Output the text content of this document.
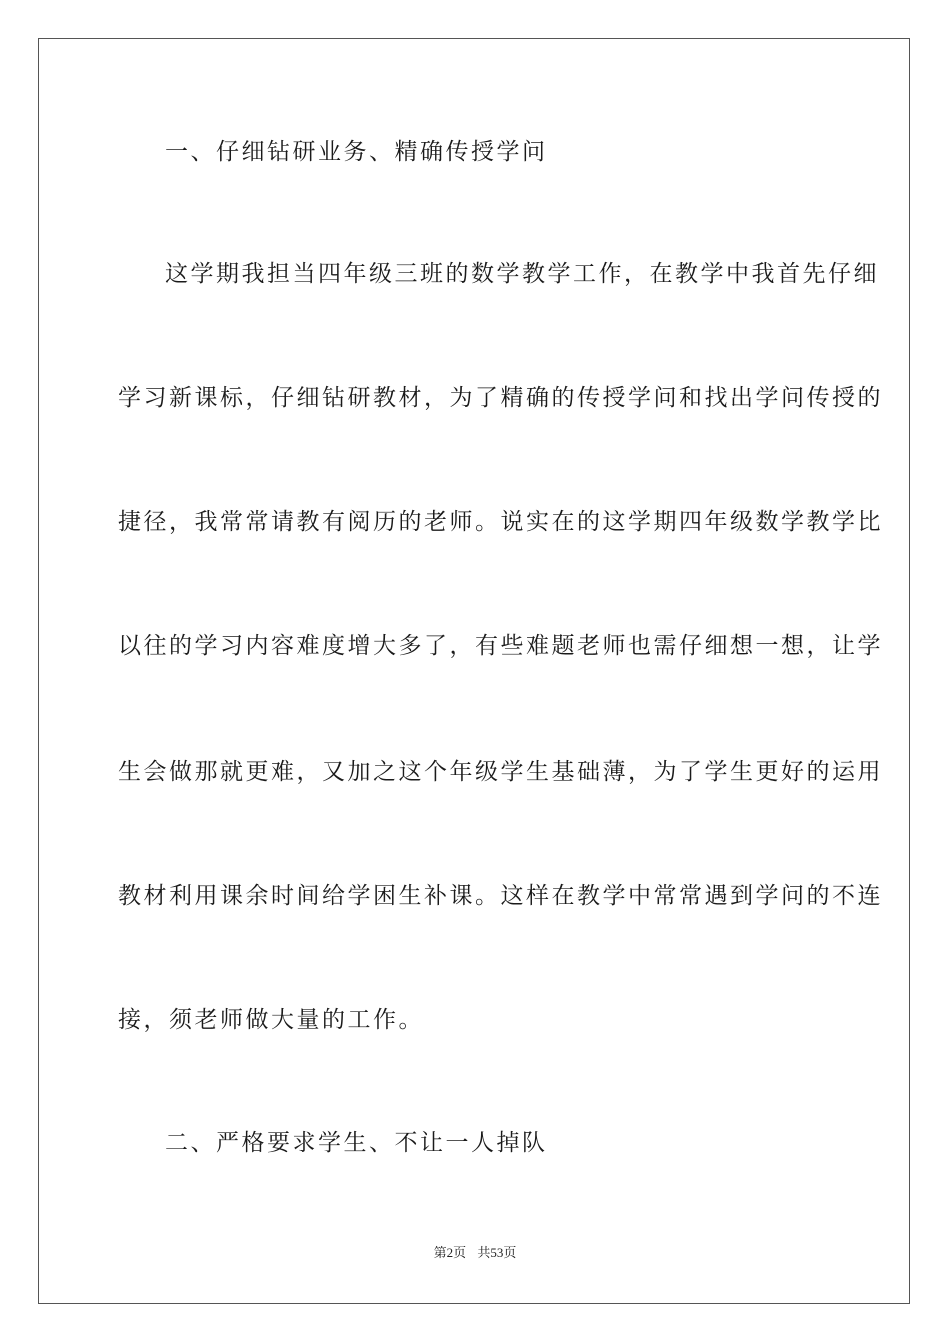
一、仔细钻研业务、精确传授学问
这学期我担当四年级三班的数学教学工作，在教学中我首先仔细
学习新课标，仔细钻研教材，为了精确的传授学问和找出学问传授的
捷径，我常常请教有阅历的老师。说实在的这学期四年级数学教学比
以往的学习内容难度增大多了，有些难题老师也需仔细想一想，让学
生会做那就更难，又加之这个年级学生基础薄，为了学生更好的运用
教材利用课余时间给学困生补课。这样在教学中常常遇到学问的不连
接，须老师做大量的工作。
二、严格要求学生、不让一人掉队
第2页 共53页
